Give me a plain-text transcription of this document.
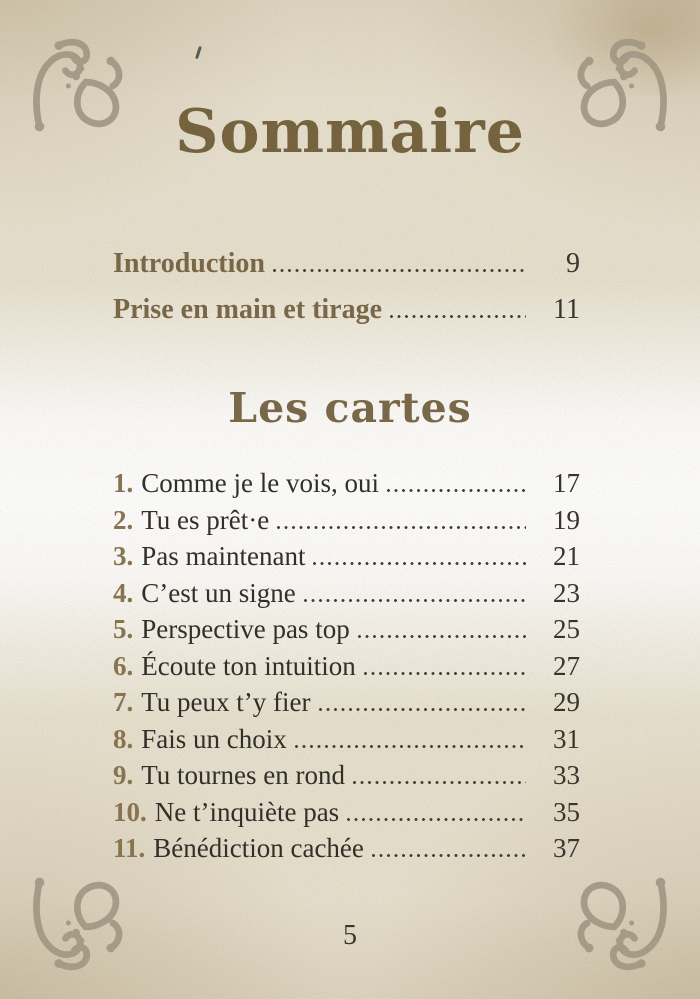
Sommaire
Introduction	9
Prise en main et tirage	11
Les cartes
1. Comme je le vois, oui	17
2. Tu es prêt·e	19
3. Pas maintenant	21
4. C’est un signe	23
5. Perspective pas top	25
6. Écoute ton intuition	27
7. Tu peux t’y fier	29
8. Fais un choix	31
9. Tu tournes en rond	33
10. Ne t’inquiète pas	35
11. Bénédiction cachée	37
5
